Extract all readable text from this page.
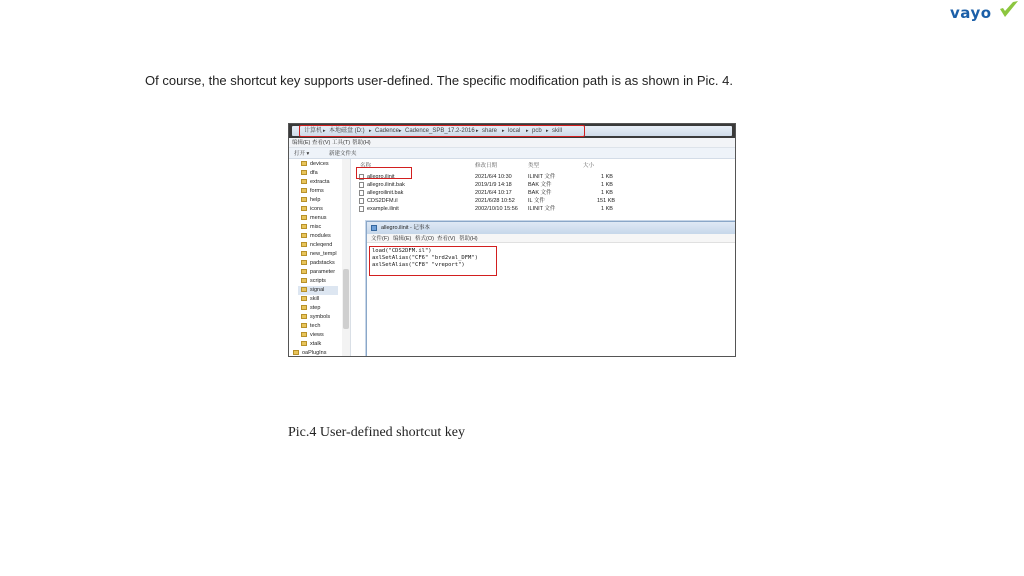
vayo

Of course, the shortcut key supports user-defined. The specific modification path is as shown in Pic. 4.

计算机 ▸ 本地磁盘 (D:) ▸ Cadence ▸ Cadence_SPB_17.2-2016 ▸ share ▸ local ▸ pcb ▸ skill
编辑(E) 查看(V) 工具(T) 帮助(H)
打开 ▾	新建文件夹
devices
dfa
extracta
forms
help
icons
menus
misc
modules
ncleqend
new_templ
padstacks
parameter
scripts
signal
skill
step
symbols
tech
views
xtalk
oaPlugIns
名称	修改日期	类型	大小
allegro.ilinit	2021/6/4 10:30	ILINIT 文件	1 KB
allegro.ilinit.bak	2019/1/9 14:18	BAK 文件	1 KB
allegroilinit.bak	2021/6/4 10:17	BAK 文件	1 KB
CDS2DFM.il	2021/6/28 10:52 IL 文件	151 KB
example.ilinit	2002/10/10 15:56 ILINIT 文件	1 KB
allegro.ilinit - 记事本
文件(F) 编辑(E) 格式(O) 查看(V) 帮助(H)
load("CDS2DFM.il")
axlSetAlias("CF6" "brd2val_DFM")
axlSetAlias("CF8" "vreport")

Pic.4 User-defined shortcut key
